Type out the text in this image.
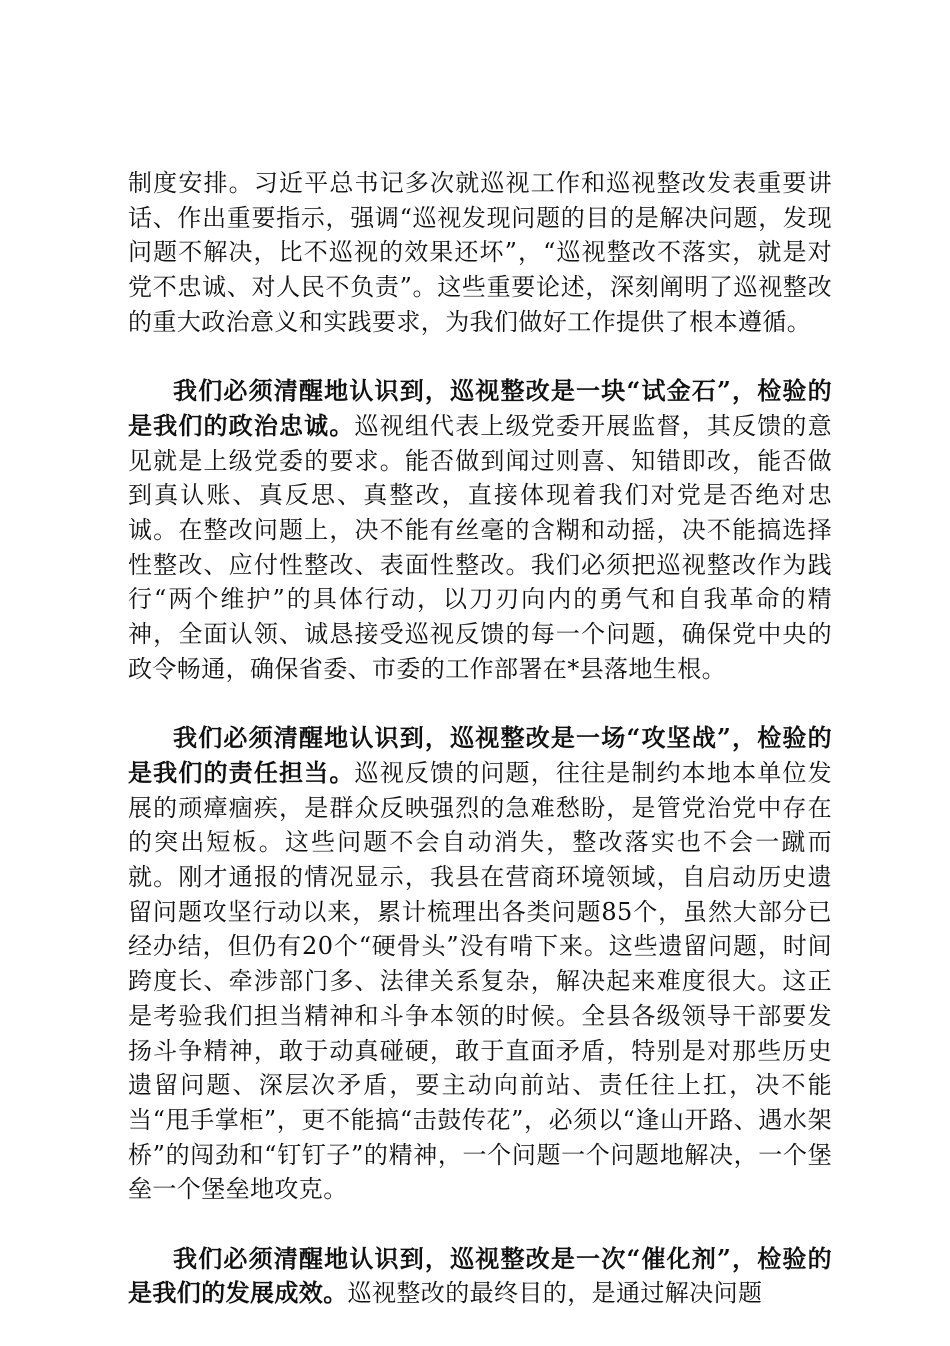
制度安排。习近平总书记多次就巡视工作和巡视整改发表重要讲话、作出重要指示，强调“巡视发现问题的目的是解决问题，发现问题不解决，比不巡视的效果还坏”，“巡视整改不落实，就是对党不忠诚、对人民不负责”。这些重要论述，深刻阐明了巡视整改的重大政治意义和实践要求，为我们做好工作提供了根本遵循。

我们必须清醒地认识到，巡视整改是一块“试金石”，检验的是我们的政治忠诚。巡视组代表上级党委开展监督，其反馈的意见就是上级党委的要求。能否做到闻过则喜、知错即改，能否做到真认账、真反思、真整改，直接体现着我们对党是否绝对忠诚。在整改问题上，决不能有丝毫的含糊和动摇，决不能搞选择性整改、应付性整改、表面性整改。我们必须把巡视整改作为践行“两个维护”的具体行动，以刀刃向内的勇气和自我革命的精神，全面认领、诚恳接受巡视反馈的每一个问题，确保党中央的政令畅通，确保省委、市委的工作部署在*县落地生根。

我们必须清醒地认识到，巡视整改是一场“攻坚战”，检验的是我们的责任担当。巡视反馈的问题，往往是制约本地本单位发展的顽瘴痼疾，是群众反映强烈的急难愁盼，是管党治党中存在的突出短板。这些问题不会自动消失，整改落实也不会一蹴而就。刚才通报的情况显示，我县在营商环境领域，自启动历史遗留问题攻坚行动以来，累计梳理出各类问题85个，虽然大部分已经办结，但仍有20个“硬骨头”没有啃下来。这些遗留问题，时间跨度长、牵涉部门多、法律关系复杂，解决起来难度很大。这正是考验我们担当精神和斗争本领的时候。全县各级领导干部要发扬斗争精神，敢于动真碰硬，敢于直面矛盾，特别是对那些历史遗留问题、深层次矛盾，要主动向前站、责任往上扛，决不能当“甩手掌柜”，更不能搞“击鼓传花”，必须以“逢山开路、遇水架桥”的闯劲和“钉钉子”的精神，一个问题一个问题地解决，一个堡垒一个堡垒地攻克。

我们必须清醒地认识到，巡视整改是一次“催化剂”，检验的是我们的发展成效。巡视整改的最终目的，是通过解决问题
